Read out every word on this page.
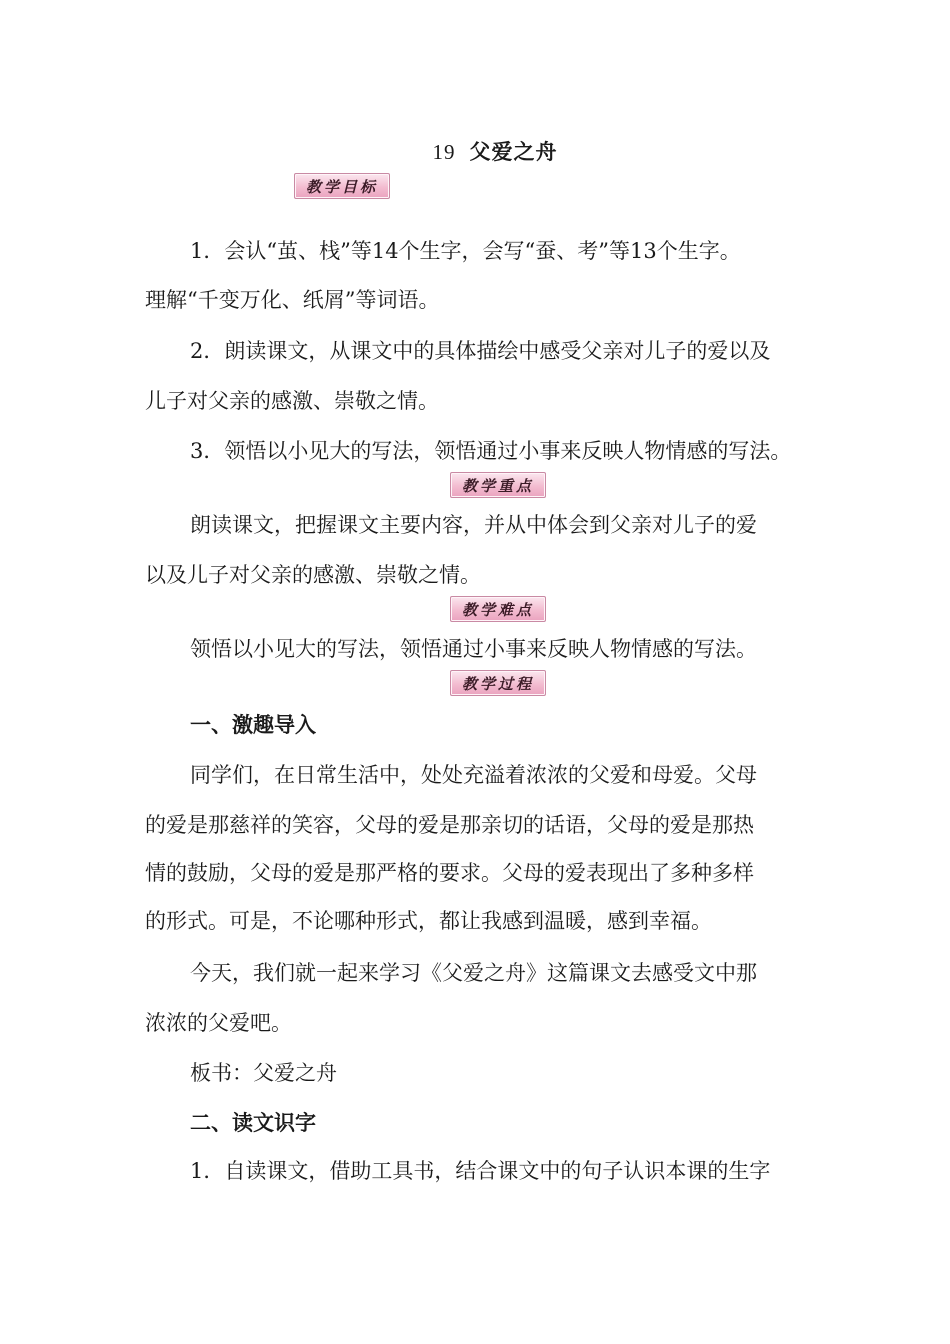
19 父爱之舟
教学目标
1．会认“茧、栈”等14个生字，会写“蚕、考”等13个生字。
理解“千变万化、纸屑”等词语。
2．朗读课文，从课文中的具体描绘中感受父亲对儿子的爱以及
儿子对父亲的感激、崇敬之情。
3．领悟以小见大的写法，领悟通过小事来反映人物情感的写法。
教学重点
朗读课文，把握课文主要内容，并从中体会到父亲对儿子的爱
以及儿子对父亲的感激、崇敬之情。
教学难点
领悟以小见大的写法，领悟通过小事来反映人物情感的写法。
教学过程
一、激趣导入
同学们，在日常生活中，处处充溢着浓浓的父爱和母爱。父母
的爱是那慈祥的笑容，父母的爱是那亲切的话语，父母的爱是那热
情的鼓励，父母的爱是那严格的要求。父母的爱表现出了多种多样
的形式。可是，不论哪种形式，都让我感到温暖，感到幸福。
今天，我们就一起来学习《父爱之舟》这篇课文去感受文中那
浓浓的父爱吧。
板书：父爱之舟
二、读文识字
1．自读课文，借助工具书，结合课文中的句子认识本课的生字
